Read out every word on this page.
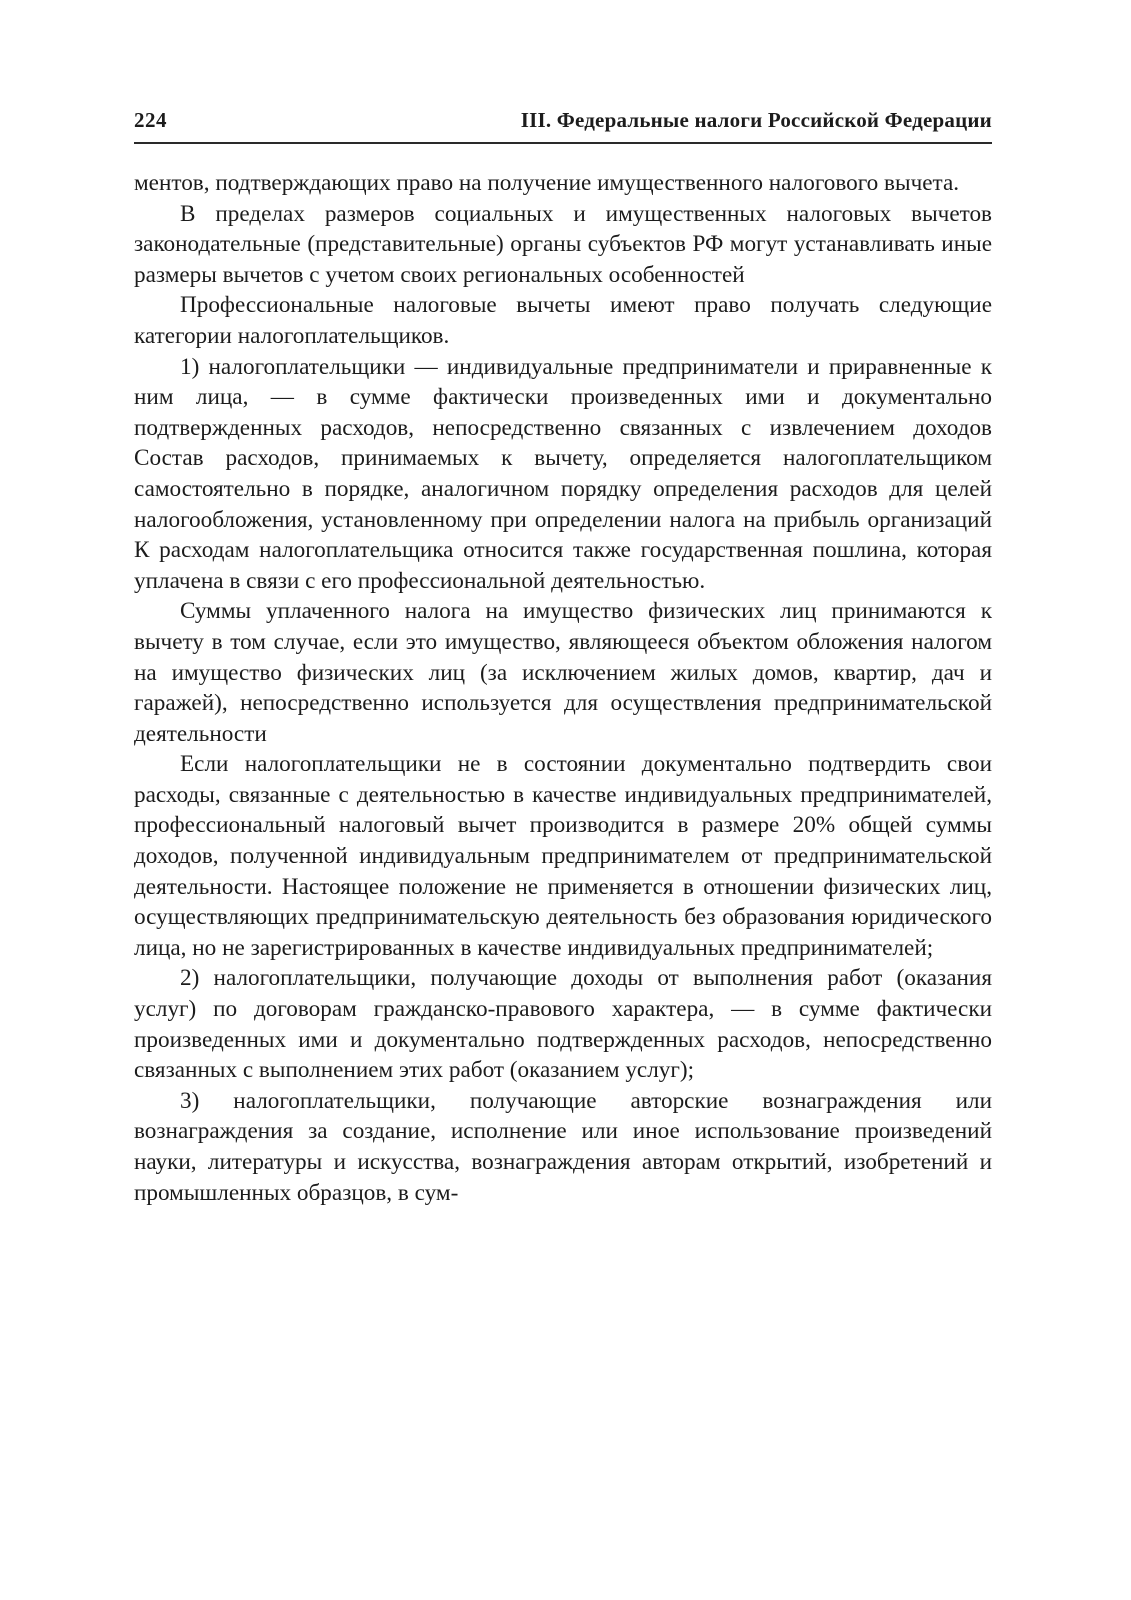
224	III. Федеральные налоги Российской Федерации

ментов, подтверждающих право на получение имущественного налогового вычета.

В пределах размеров социальных и имущественных налоговых вычетов законодательные (представительные) органы субъектов РФ могут устанавливать иные размеры вычетов с учетом своих региональных особенностей

Профессиональные налоговые вычеты имеют право получать следующие категории налогоплательщиков.

1) налогоплательщики — индивидуальные предприниматели и приравненные к ним лица, — в сумме фактически произведенных ими и документально подтвержденных расходов, непосредственно связанных с извлечением доходов Состав расходов, принимаемых к вычету, определяется налогоплательщиком самостоятельно в порядке, аналогичном порядку определения расходов для целей налогообложения, установленному при определении налога на прибыль организаций К расходам налогоплательщика относится также государственная пошлина, которая уплачена в связи с его профессиональной деятельностью.

Суммы уплаченного налога на имущество физических лиц принимаются к вычету в том случае, если это имущество, являющееся объектом обложения налогом на имущество физических лиц (за исключением жилых домов, квартир, дач и гаражей), непосредственно используется для осуществления предпринимательской деятельности

Если налогоплательщики не в состоянии документально подтвердить свои расходы, связанные с деятельностью в качестве индивидуальных предпринимателей, профессиональный налоговый вычет производится в размере 20% общей суммы доходов, полученной индивидуальным предпринимателем от предпринимательской деятельности. Настоящее положение не применяется в отношении физических лиц, осуществляющих предпринимательскую деятельность без образования юридического лица, но не зарегистрированных в качестве индивидуальных предпринимателей;

2) налогоплательщики, получающие доходы от выполнения работ (оказания услуг) по договорам гражданско-правового характера, — в сумме фактически произведенных ими и документально подтвержденных расходов, непосредственно связанных с выполнением этих работ (оказанием услуг);

3) налогоплательщики, получающие авторские вознаграждения или вознаграждения за создание, исполнение или иное использование произведений науки, литературы и искусства, вознаграждения авторам открытий, изобретений и промышленных образцов, в сум-
